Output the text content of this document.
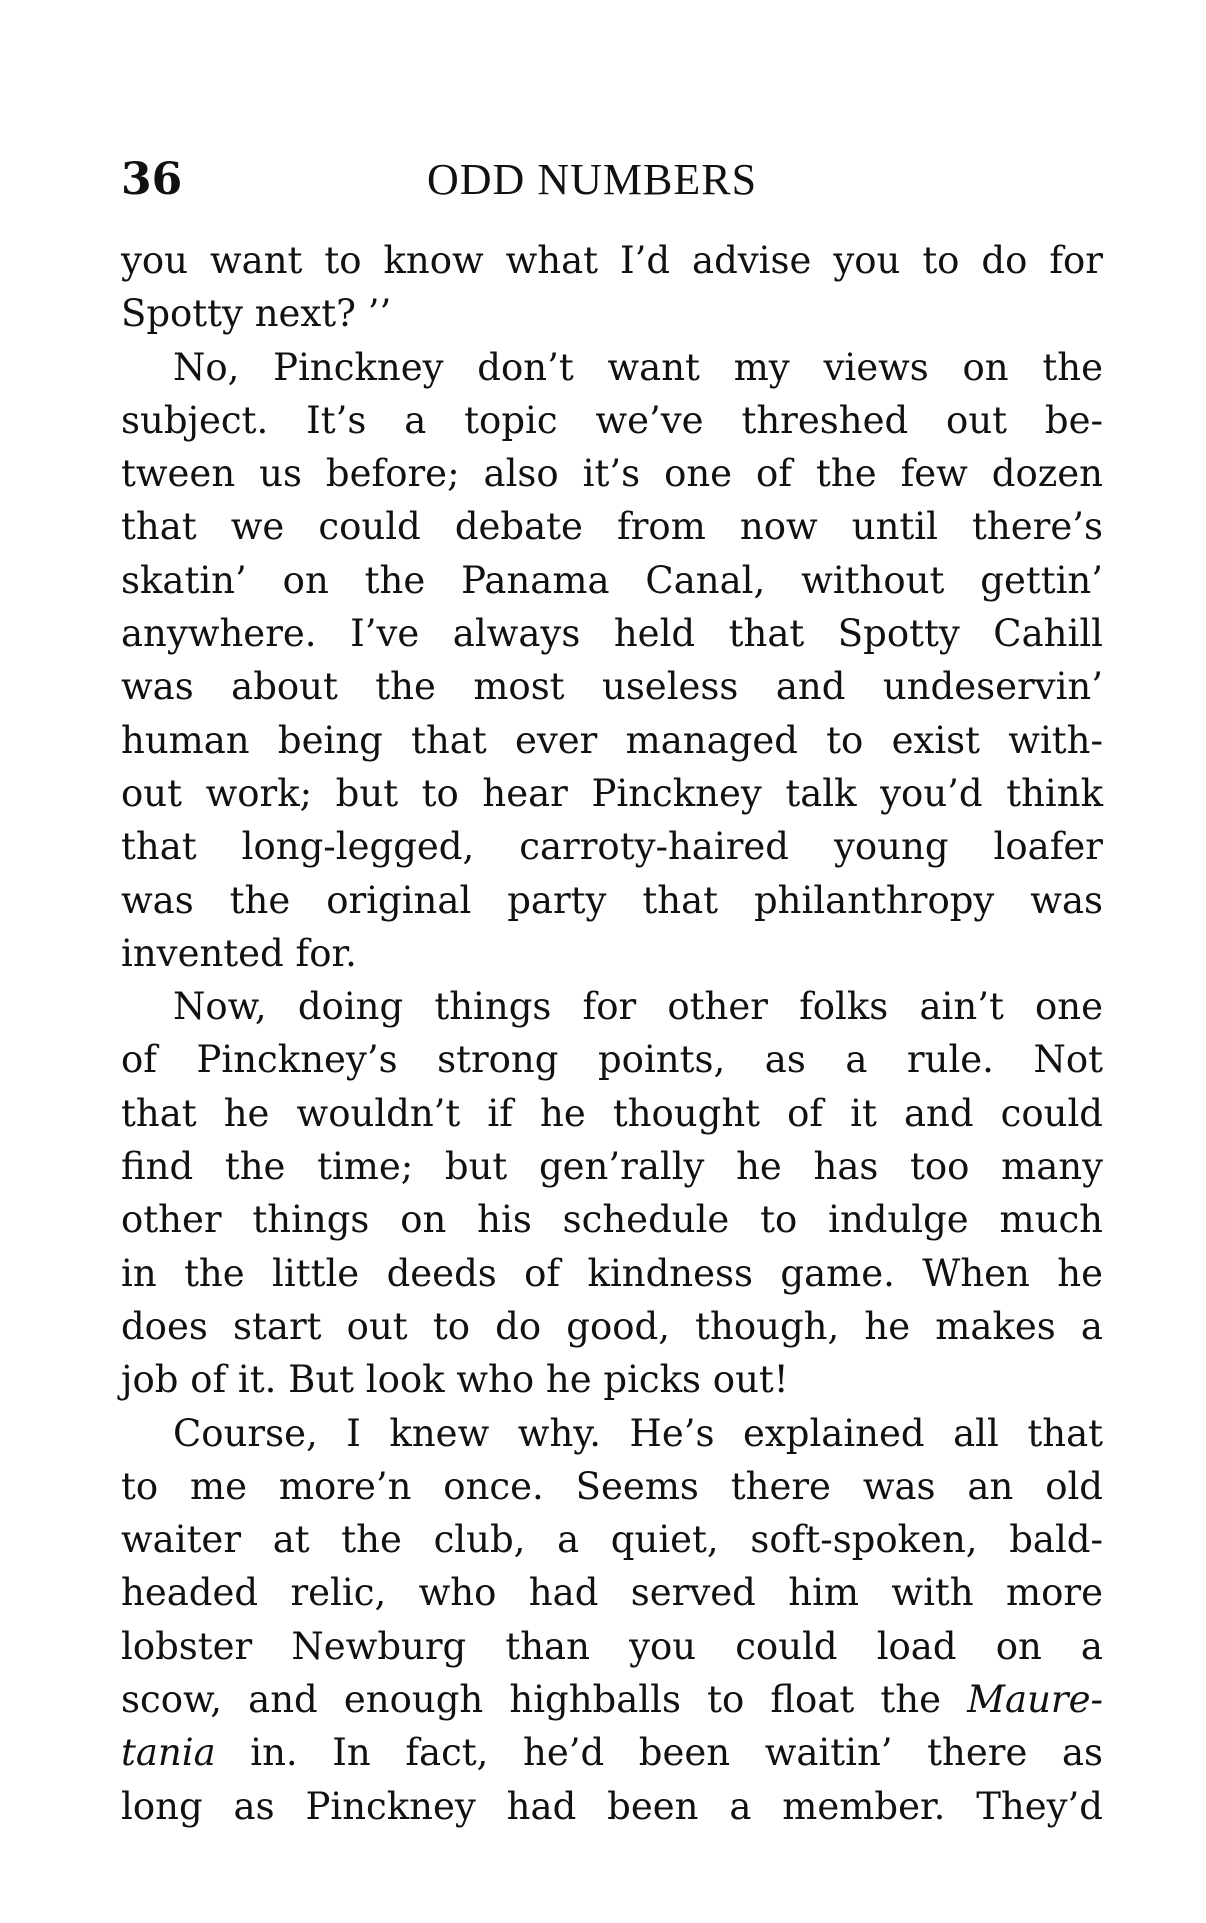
36	ODD NUMBERS
you want to know what I’d advise you to do for
Spotty next? ’’
No, Pinckney don’t want my views on the
subject. It’s a topic we’ve threshed out be-
tween us before; also it’s one of the few dozen
that we could debate from now until there’s
skatin’ on the Panama Canal, without gettin’
anywhere. I’ve always held that Spotty Cahill
was about the most useless and undeservin’
human being that ever managed to exist with-
out work; but to hear Pinckney talk you’d think
that long-legged, carroty-haired young loafer
was the original party that philanthropy was
invented for.
Now, doing things for other folks ain’t one
of Pinckney’s strong points, as a rule. Not
that he wouldn’t if he thought of it and could
find the time; but gen’rally he has too many
other things on his schedule to indulge much
in the little deeds of kindness game. When he
does start out to do good, though, he makes a
job of it. But look who he picks out!
Course, I knew why. He’s explained all that
to me more’n once. Seems there was an old
waiter at the club, a quiet, soft-spoken, bald-
headed relic, who had served him with more
lobster Newburg than you could load on a
scow, and enough highballs to float the Maure-
tania in. In fact, he’d been waitin’ there as
long as Pinckney had been a member. They’d
